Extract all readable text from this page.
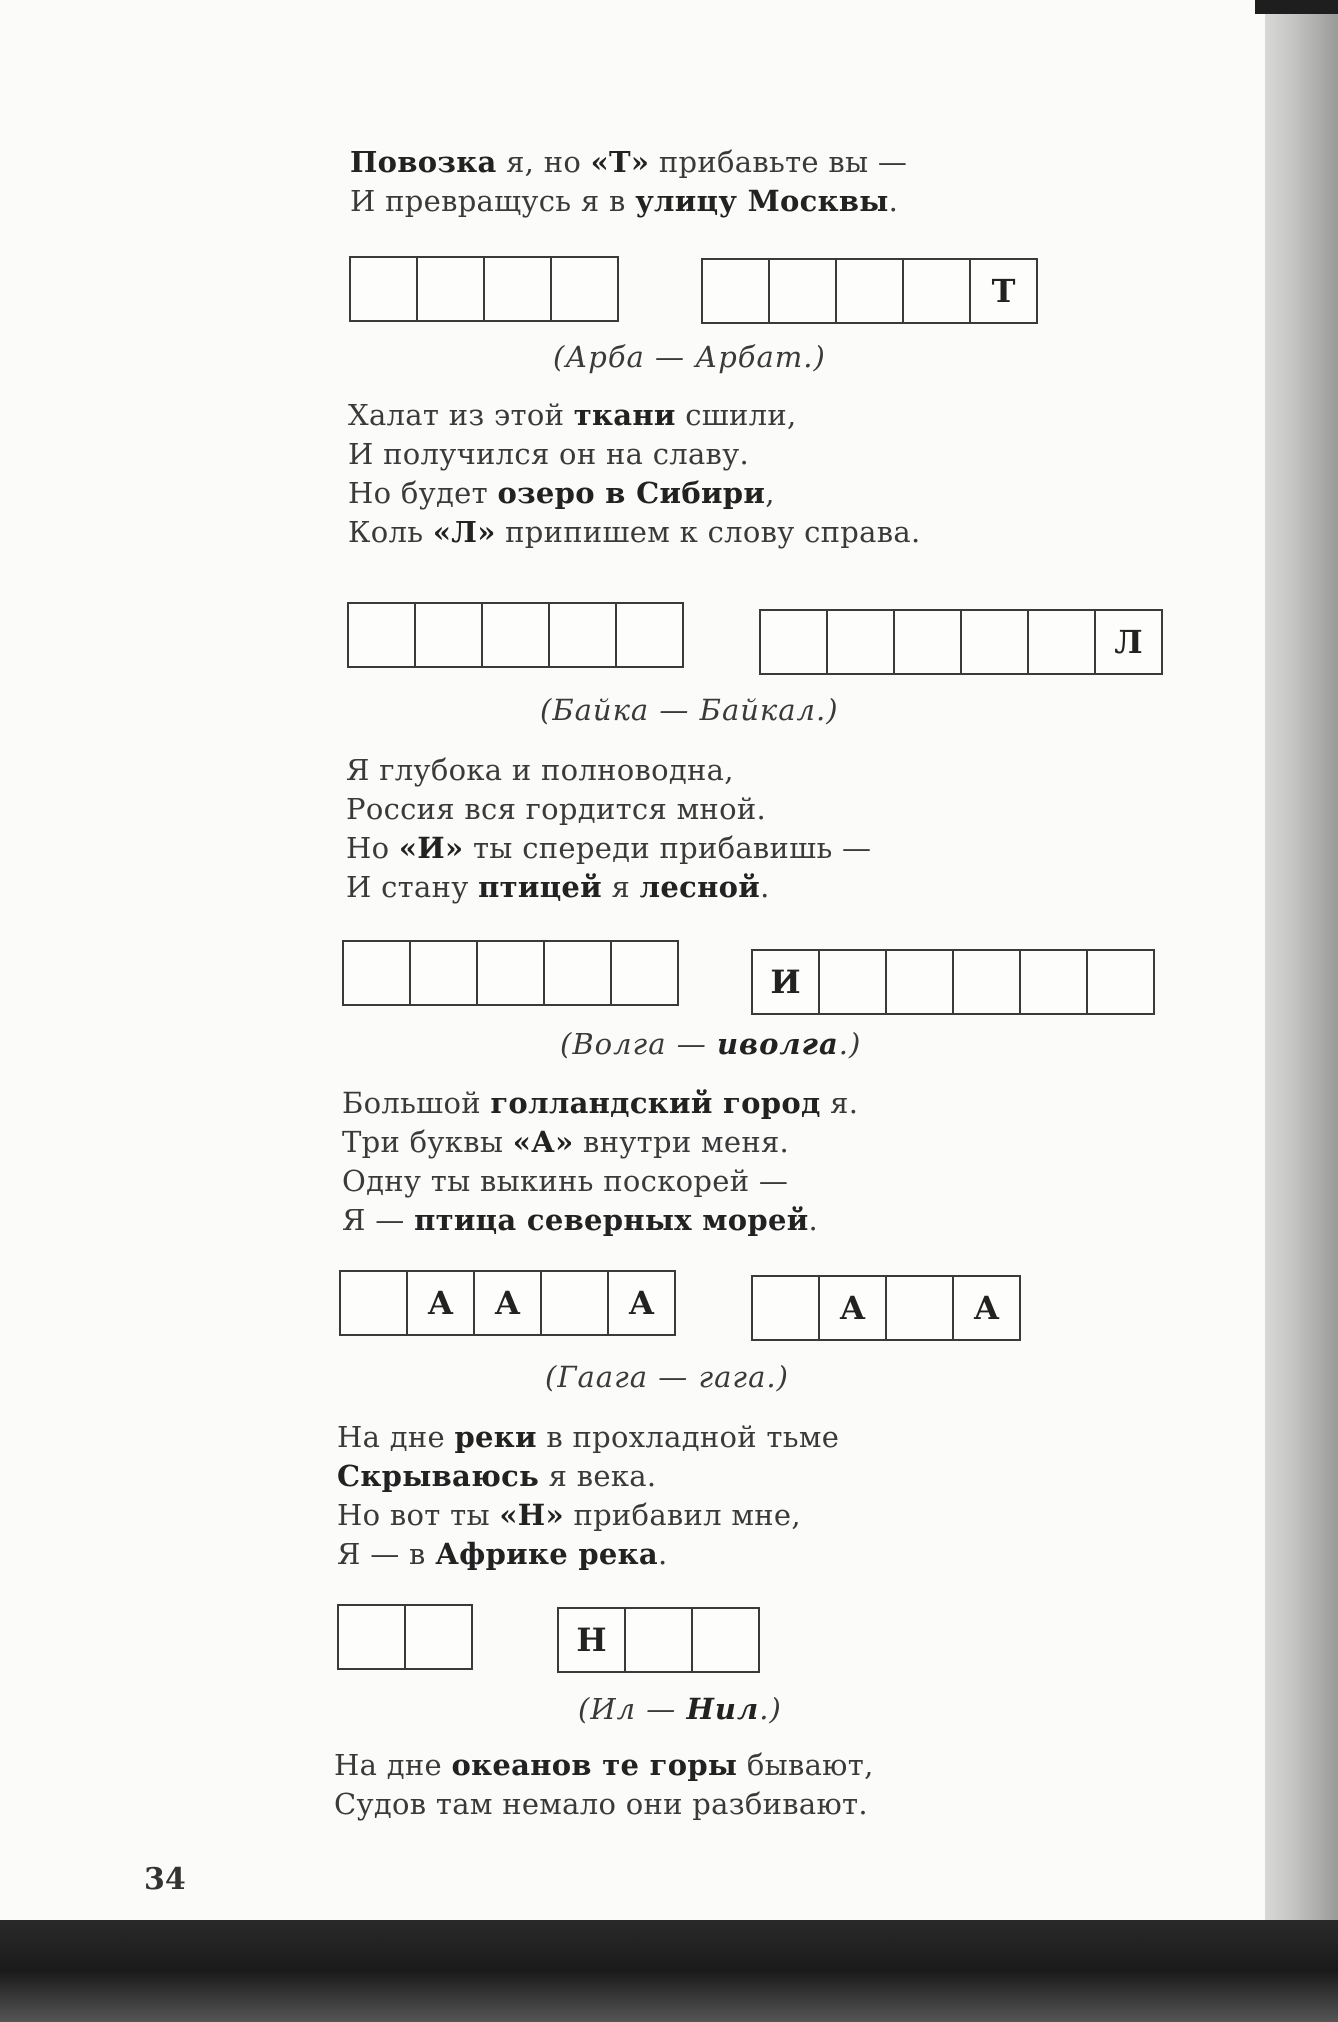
Повозка я, но «Т» прибавьте вы —
И превращусь я в улицу Москвы.
Т
(Арба — Арбат.)
Халат из этой ткани сшили,
И получился он на славу.
Но будет озеро в Сибири,
Коль «Л» припишем к слову справа.
Л
(Байка — Байкал.)
Я глубока и полноводна,
Россия вся гордится мной.
Но «И» ты спереди прибавишь —
И стану птицей я лесной.
И
(Волга — иволга.)
Большой голландский город я.
Три буквы «А» внутри меня.
Одну ты выкинь поскорей —
Я — птица северных морей.
А	А	А	А	А
(Гаага — гага.)
На дне реки в прохладной тьме
Скрываюсь я века.
Но вот ты «Н» прибавил мне,
Я — в Африке река.
Н
(Ил — Нил.)
На дне океанов те горы бывают,
Судов там немало они разбивают.
34
